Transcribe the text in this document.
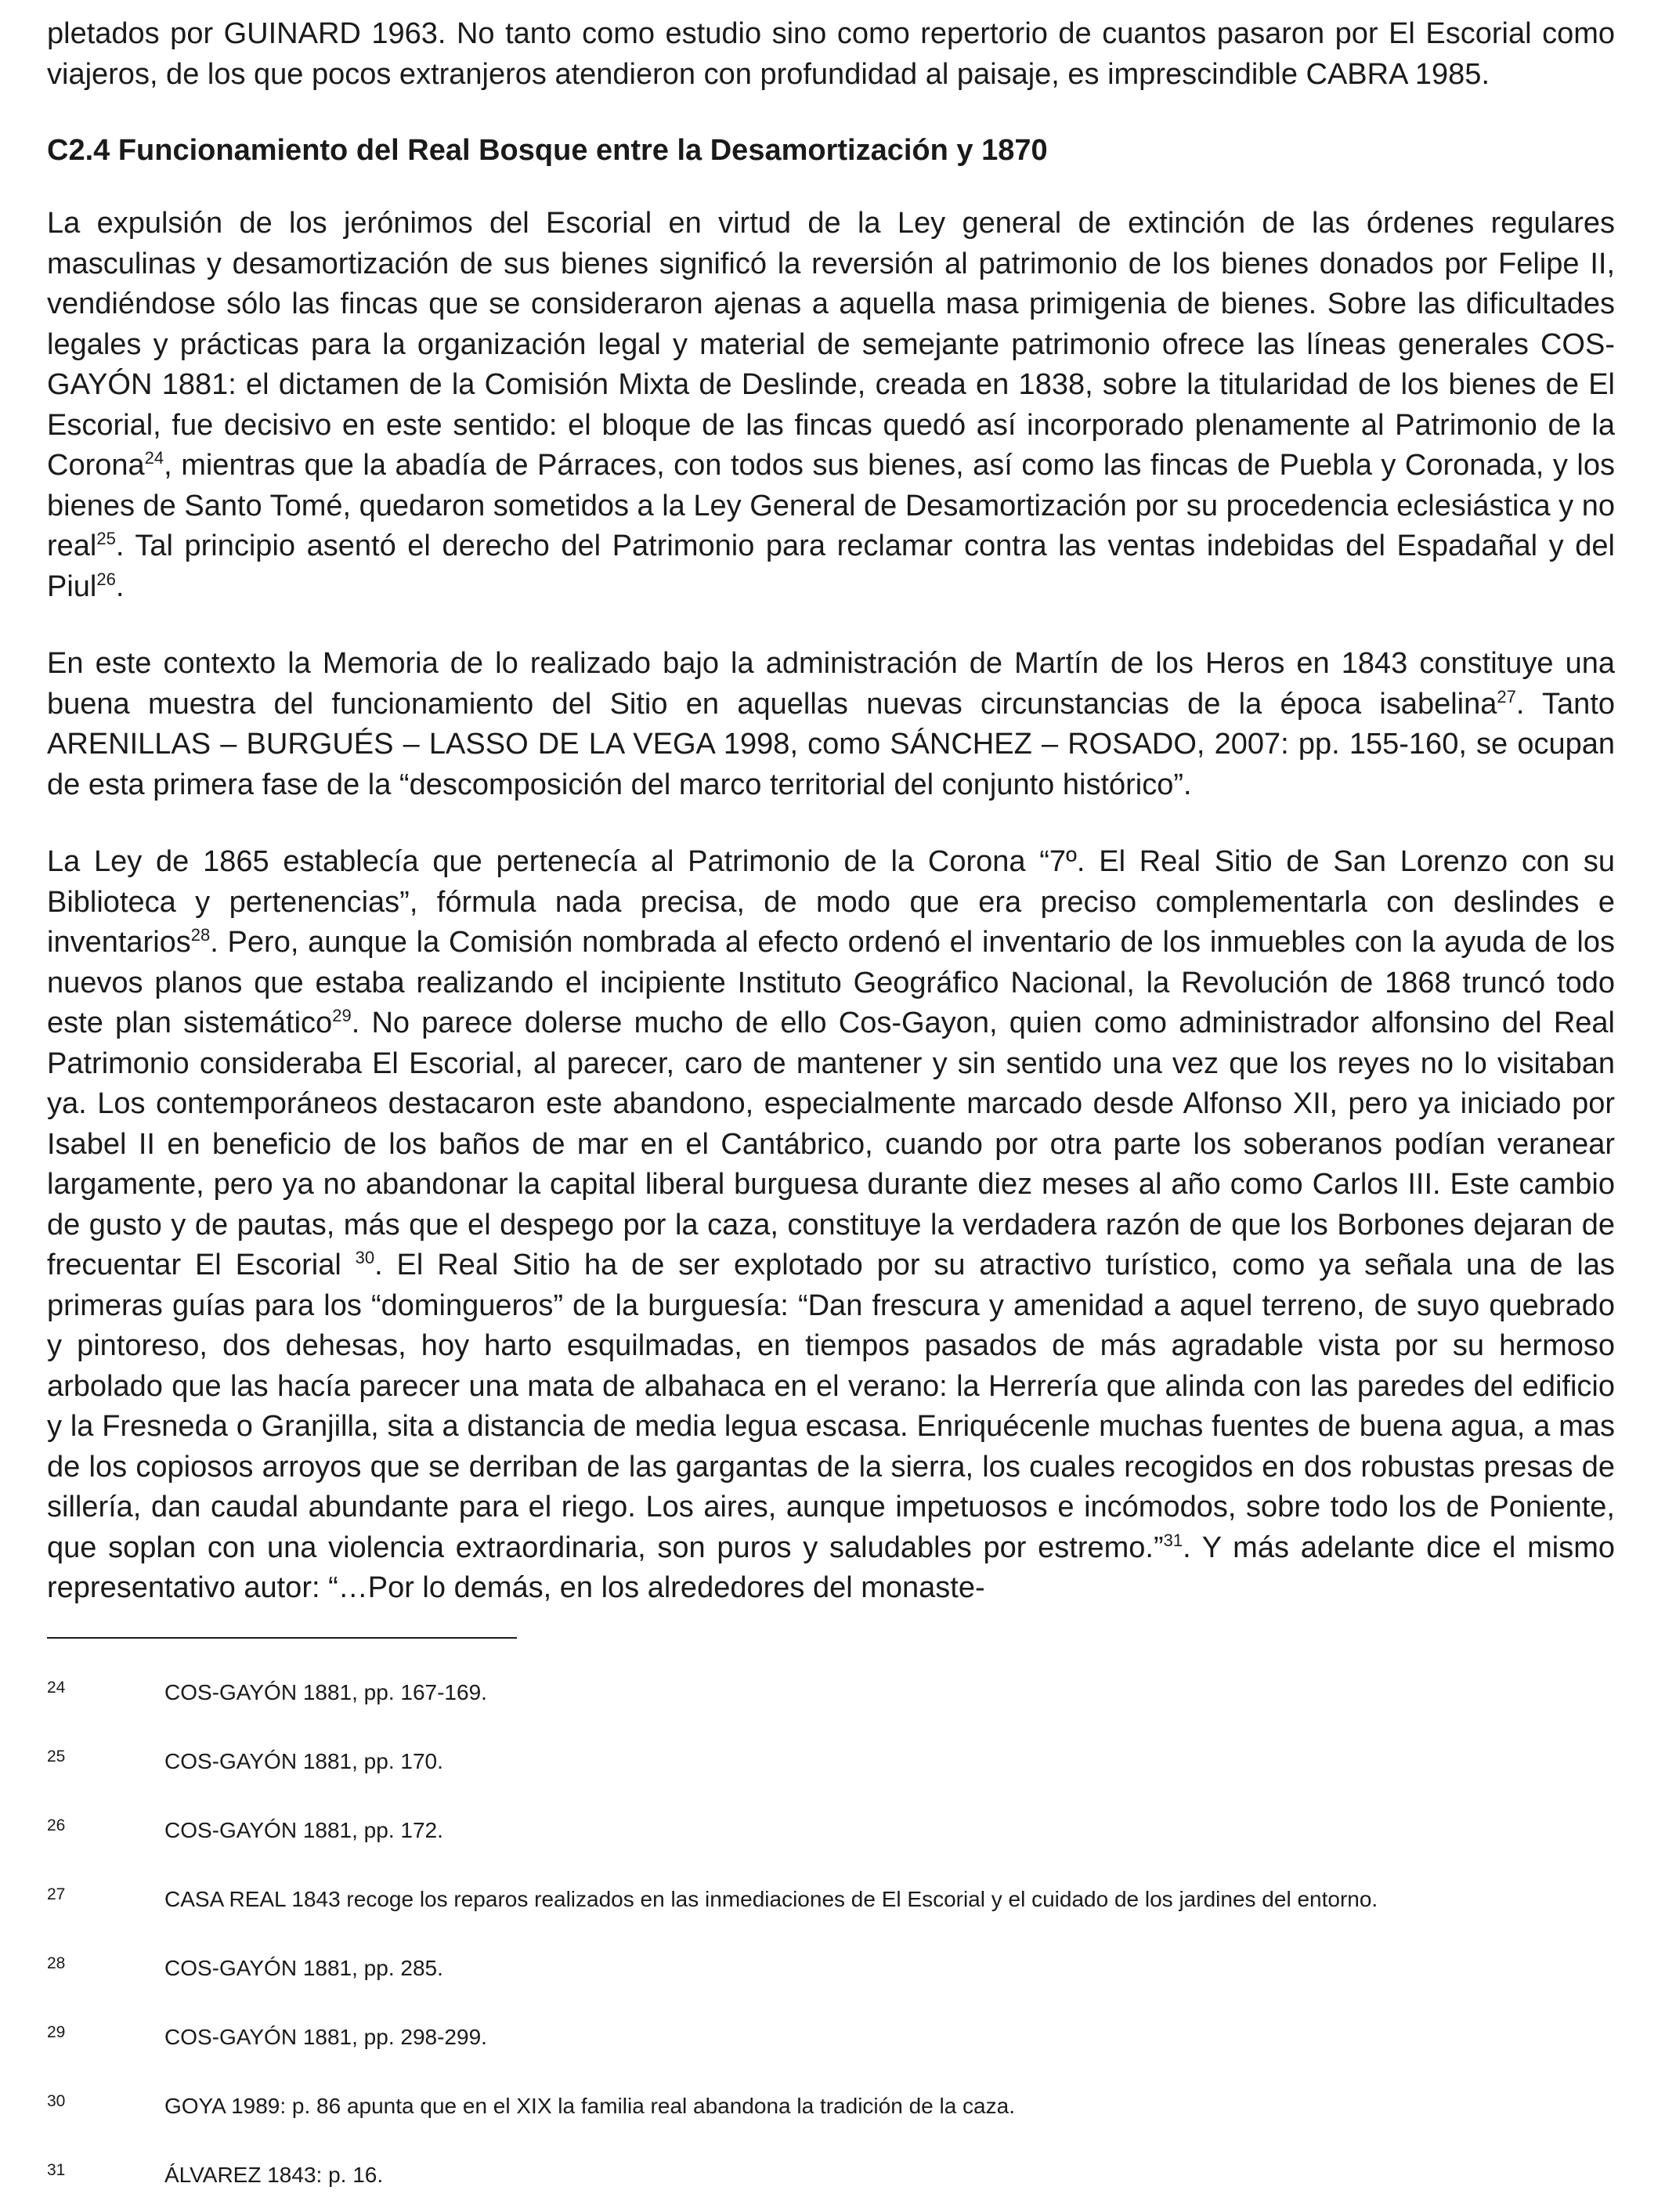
pletados por GUINARD 1963. No tanto como estudio sino como repertorio de cuantos pasaron por El Escorial como viajeros, de los que pocos extranjeros atendieron con profundidad al paisaje, es imprescindible CABRA 1985.

C2.4 Funcionamiento del Real Bosque entre la Desamortización y 1870

La expulsión de los jerónimos del Escorial en virtud de la Ley general de extinción de las órdenes regulares masculinas y desamortización de sus bienes significó la reversión al patrimonio de los bienes donados por Felipe II, vendiéndose sólo las fincas que se consideraron ajenas a aquella masa primigenia de bienes. Sobre las dificultades legales y prácticas para la organización legal y material de semejante patrimonio ofrece las líneas generales COS-GAYÓN 1881: el dictamen de la Comisión Mixta de Deslinde, creada en 1838, sobre la titularidad de los bienes de El Escorial, fue decisivo en este sentido: el bloque de las fincas quedó así incorporado plenamente al Patrimonio de la Corona$^{24}$, mientras que la abadía de Párraces, con todos sus bienes, así como las fincas de Puebla y Coronada, y los bienes de Santo Tomé, quedaron sometidos a la Ley General de Desamortización por su procedencia eclesiástica y no real$^{25}$. Tal principio asentó el derecho del Patrimonio para reclamar contra las ventas indebidas del Espadañal y del Piul$^{26}$.

En este contexto la Memoria de lo realizado bajo la administración de Martín de los Heros en 1843 constituye una buena muestra del funcionamiento del Sitio en aquellas nuevas circunstancias de la época isabelina$^{27}$. Tanto ARENILLAS – BURGUÉS – LASSO DE LA VEGA 1998, como SÁNCHEZ – ROSADO, 2007: pp. 155-160, se ocupan de esta primera fase de la “descomposición del marco territorial del conjunto histórico”.

La Ley de 1865 establecía que pertenecía al Patrimonio de la Corona “7º. El Real Sitio de San Lorenzo con su Biblioteca y pertenencias”, fórmula nada precisa, de modo que era preciso complementarla con deslindes e inventarios$^{28}$. Pero, aunque la Comisión nombrada al efecto ordenó el inventario de los inmuebles con la ayuda de los nuevos planos que estaba realizando el incipiente Instituto Geográfico Nacional, la Revolución de 1868 truncó todo este plan sistemático$^{29}$. No parece dolerse mucho de ello Cos-Gayon, quien como administrador alfonsino del Real Patrimonio consideraba El Escorial, al parecer, caro de mantener y sin sentido una vez que los reyes no lo visitaban ya. Los contemporáneos destacaron este abandono, especialmente marcado desde Alfonso XII, pero ya iniciado por Isabel II en beneficio de los baños de mar en el Cantábrico, cuando por otra parte los soberanos podían veranear largamente, pero ya no abandonar la capital liberal burguesa durante diez meses al año como Carlos III. Este cambio de gusto y de pautas, más que el despego por la caza, constituye la verdadera razón de que los Borbones dejaran de frecuentar El Escorial $^{30}$. El Real Sitio ha de ser explotado por su atractivo turístico, como ya señala una de las primeras guías para los “domingueros” de la burguesía: “Dan frescura y amenidad a aquel terreno, de suyo quebrado y pintoreso, dos dehesas, hoy harto esquilmadas, en tiempos pasados de más agradable vista por su hermoso arbolado que las hacía parecer una mata de albahaca en el verano: la Herrería que alinda con las paredes del edificio y la Fresneda o Granjilla, sita a distancia de media legua escasa. Enriquécenle muchas fuentes de buena agua, a mas de los copiosos arroyos que se derriban de las gargantas de la sierra, los cuales recogidos en dos robustas presas de sillería, dan caudal abundante para el riego. Los aires, aunque impetuosos e incómodos, sobre todo los de Poniente, que soplan con una violencia extraordinaria, son puros y saludables por estremo.”$^{31}$. Y más adelante dice el mismo representativo autor: “…Por lo demás, en los alrededores del monaste-

24	COS-GAYÓN 1881, pp. 167-169.
25	COS-GAYÓN 1881, pp. 170.
26	COS-GAYÓN 1881, pp. 172.
27	CASA REAL 1843 recoge los reparos realizados en las inmediaciones de El Escorial y el cuidado de los jardines del entorno.
28	COS-GAYÓN 1881, pp. 285.
29	COS-GAYÓN 1881, pp. 298-299.
30	GOYA 1989: p. 86 apunta que en el XIX la familia real abandona la tradición de la caza.
31	ÁLVAREZ 1843: p. 16.
